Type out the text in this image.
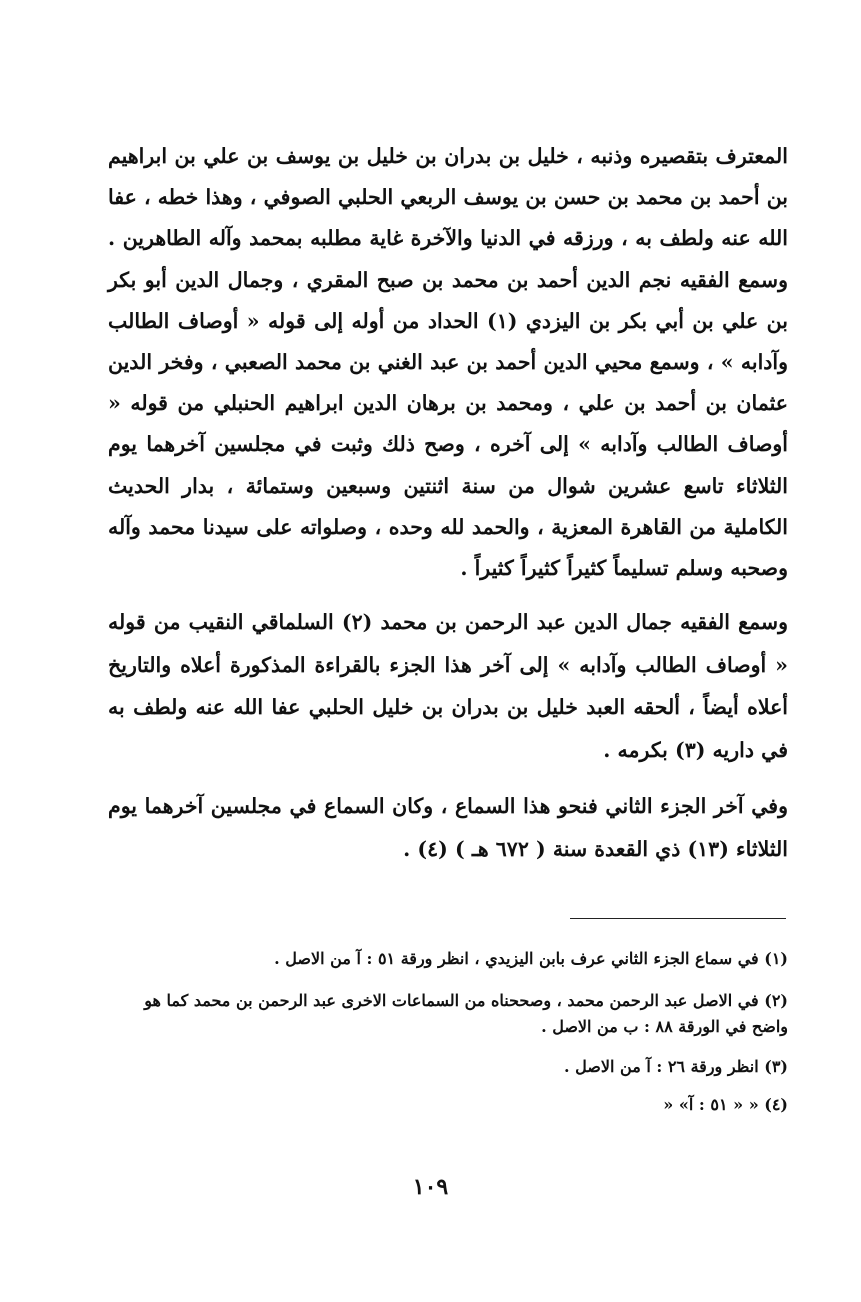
المعترف بتقصيره وذنبه ، خليل بن بدران بن خليل بن يوسف بن علي بن ابراهيم بن أحمد بن محمد بن حسن بن يوسف الربعي الحلبي الصوفي ، وهذا خطه ، عفا الله عنه ولطف به ، ورزقه في الدنيا والآخرة غاية مطلبه بمحمد وآله الطاهرين . وسمع الفقيه نجم الدين أحمد بن محمد بن صبح المقري ، وجمال الدين أبو بكر بن علي بن أبي بكر بن اليزدي (١) الحداد من أوله إلى قوله « أوصاف الطالب وآدابه » ، وسمع محيي الدين أحمد بن عبد الغني بن محمد الصعبي ، وفخر الدين عثمان بن أحمد بن علي ، ومحمد بن برهان الدين ابراهيم الحنبلي من قوله « أوصاف الطالب وآدابه » إلى آخره ، وصح ذلك وثبت في مجلسين آخرهما يوم الثلاثاء تاسع عشرين شوال من سنة اثنتين وسبعين وستمائة ، بدار الحديث الكاملية من القاهرة المعزية ، والحمد لله وحده ، وصلواته على سيدنا محمد وآله وصحبه وسلم تسليماً كثيراً كثيراً كثيراً .

وسمع الفقيه جمال الدين عبد الرحمن بن محمد (٢) السلماقي النقيب من قوله « أوصاف الطالب وآدابه » إلى آخر هذا الجزء بالقراءة المذكورة أعلاه والتاريخ أعلاه أيضاً ، ألحقه العبد خليل بن بدران بن خليل الحلبي عفا الله عنه ولطف به في داريه (٣) بكرمه .

وفي آخر الجزء الثاني فنحو هذا السماع ، وكان السماع في مجلسين آخرهما يوم الثلاثاء (١٣) ذي القعدة سنة ( ٦٧٢ هـ ) (٤) .

(١) في سماع الجزء الثاني عرف بابن اليزيدي ، انظر ورقة ٥١ : آ من الاصل .

(٢) في الاصل عبد الرحمن محمد ، وصححناه من السماعات الاخرى عبد الرحمن بن محمد كما هو واضح في الورقة ٨٨ : ب من الاصل .

(٣) انظر ورقة ٢٦ : آ من الاصل .

(٤) « « ٥١ : آ» «

١٠٩
